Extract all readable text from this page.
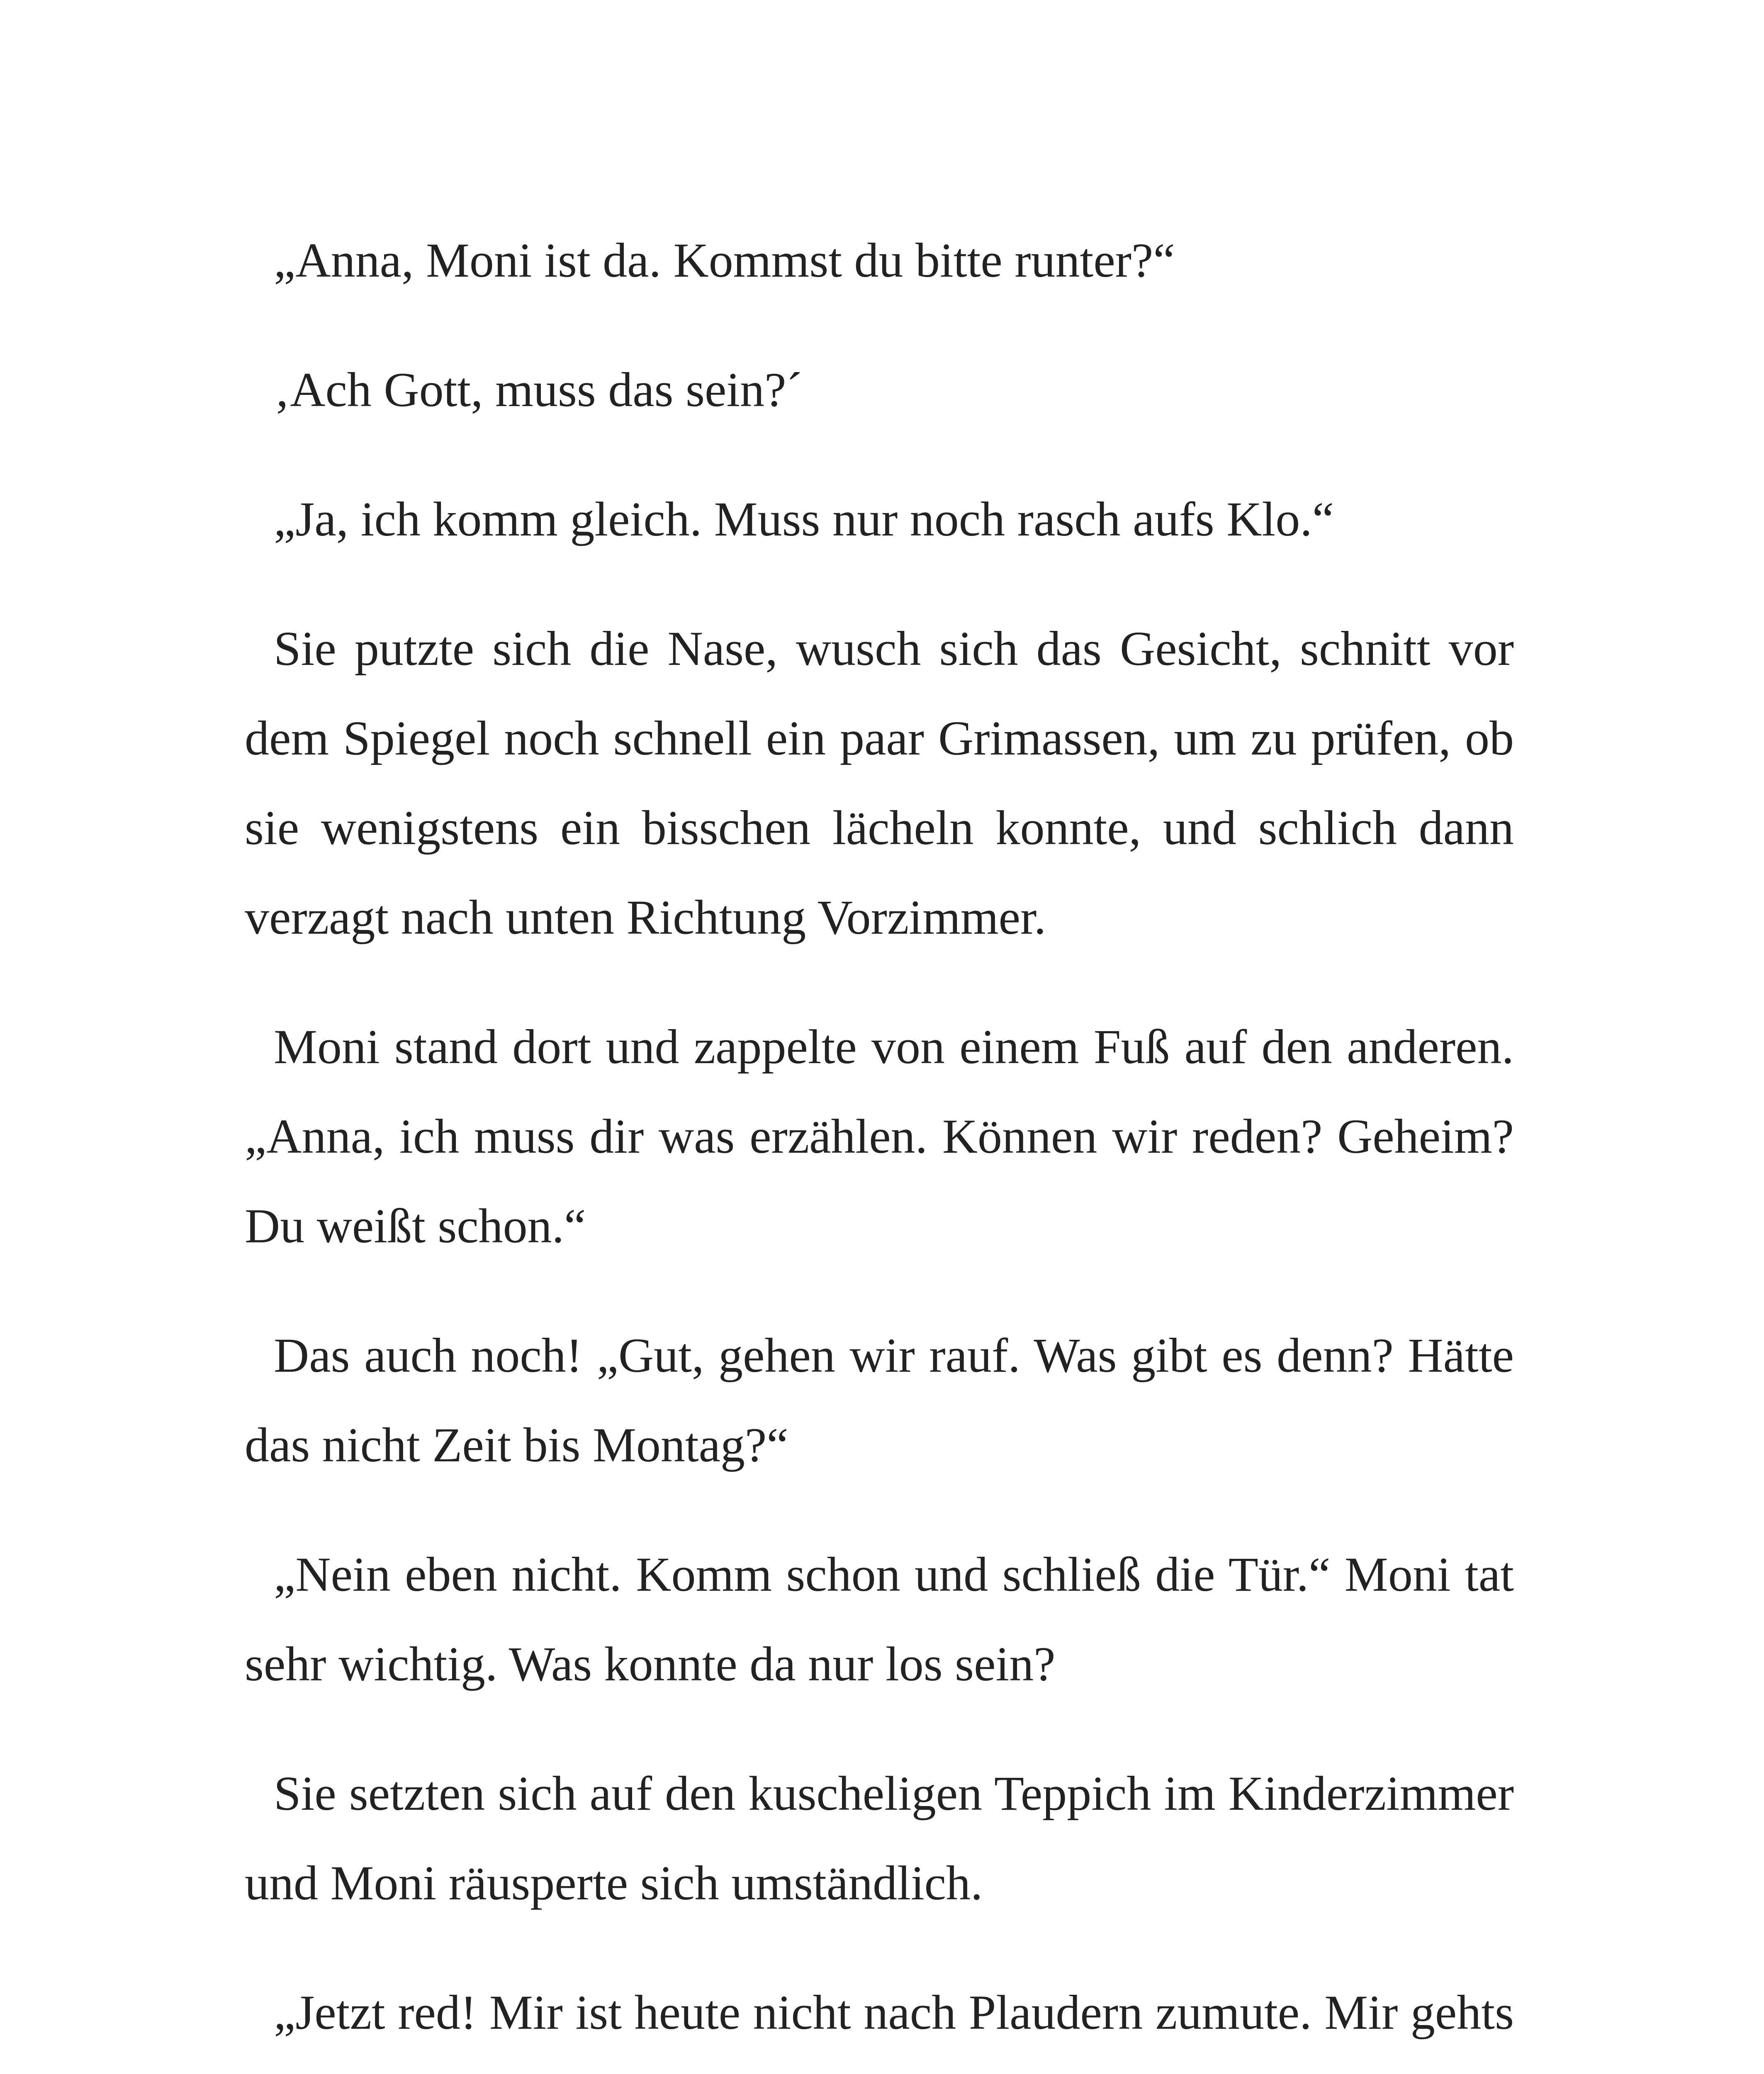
„Anna, Moni ist da. Kommst du bitte runter?“

‚Ach Gott, muss das sein?´

„Ja, ich komm gleich. Muss nur noch rasch aufs Klo.“

Sie putzte sich die Nase, wusch sich das Gesicht, schnitt vor dem Spiegel noch schnell ein paar Grimassen, um zu prüfen, ob sie wenigstens ein bisschen lächeln konnte, und schlich dann verzagt nach unten Richtung Vorzimmer.

Moni stand dort und zappelte von einem Fuß auf den anderen. „Anna, ich muss dir was erzählen. Können wir reden? Geheim? Du weißt schon.“

Das auch noch! „Gut, gehen wir rauf. Was gibt es denn? Hätte das nicht Zeit bis Montag?“

„Nein eben nicht. Komm schon und schließ die Tür.“ Moni tat sehr wichtig. Was konnte da nur los sein?

Sie setzten sich auf den kuscheligen Teppich im Kinderzimmer und Moni räusperte sich umständlich.

„Jetzt red! Mir ist heute nicht nach Plaudern zumute. Mir gehts
